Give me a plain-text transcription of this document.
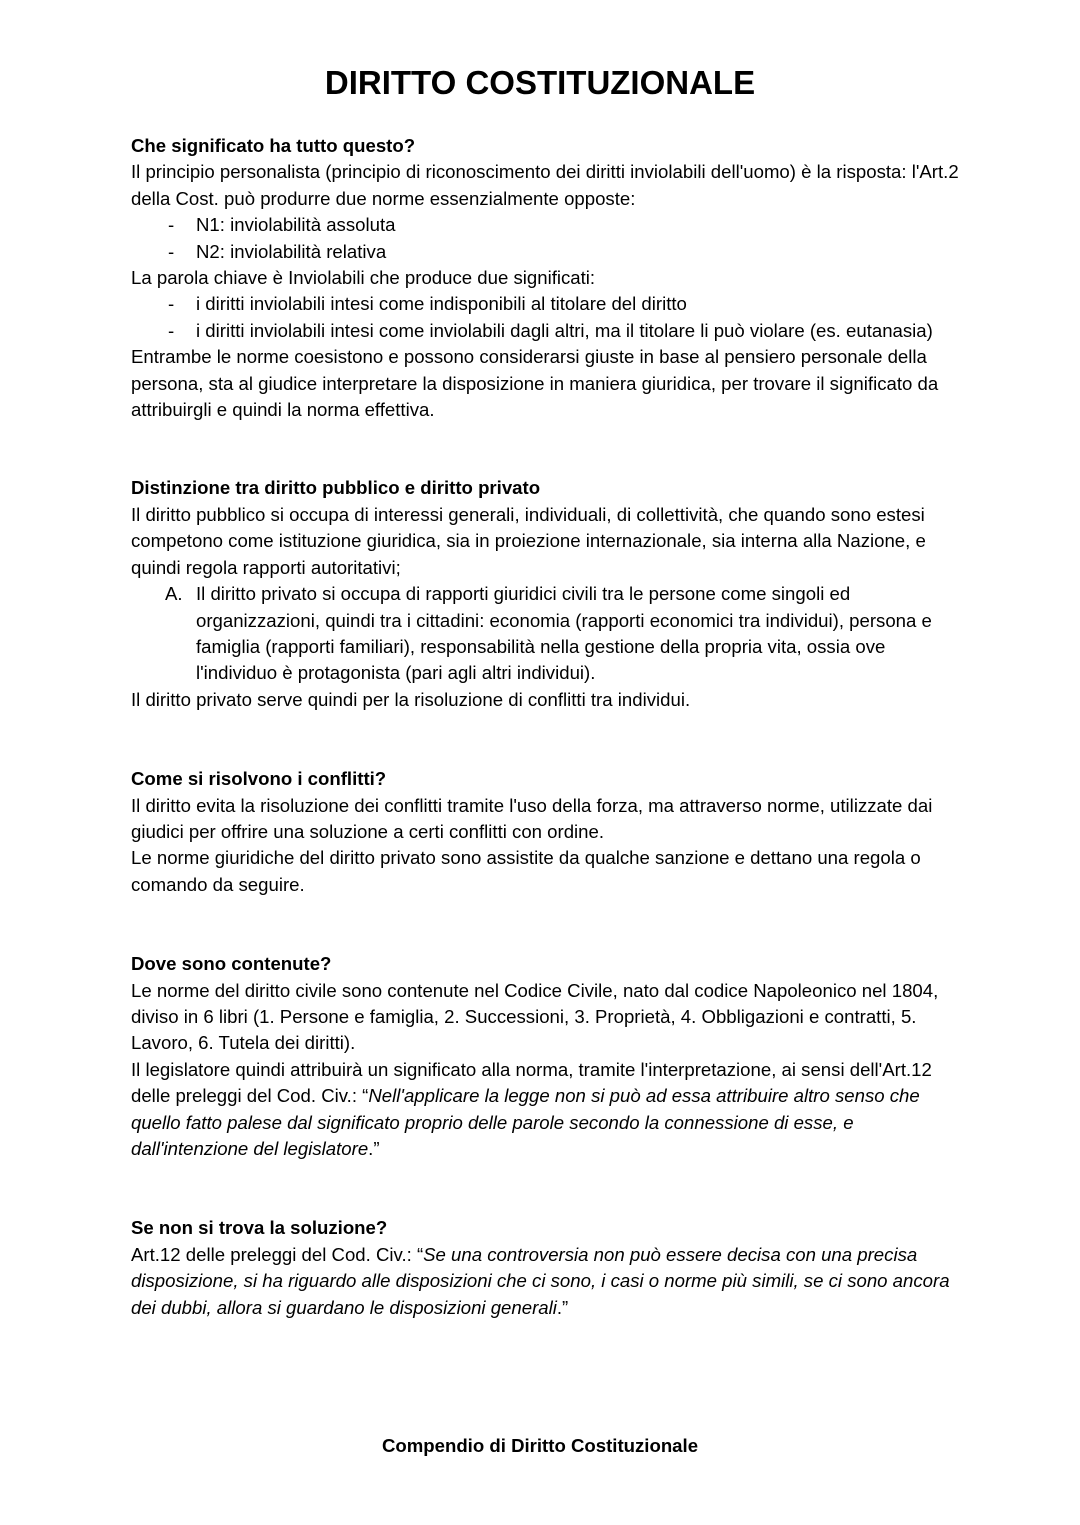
DIRITTO COSTITUZIONALE

Che significato ha tutto questo?

Il principio personalista (principio di riconoscimento dei diritti inviolabili dell'uomo) è la risposta: l'Art.2 della Cost. può produrre due norme essenzialmente opposte:

- N1: inviolabilità assoluta
- N2: inviolabilità relativa

La parola chiave è Inviolabili che produce due significati:

- i diritti inviolabili intesi come indisponibili al titolare del diritto
- i diritti inviolabili intesi come inviolabili dagli altri, ma il titolare li può violare (es. eutanasia)

Entrambe le norme coesistono e possono considerarsi giuste in base al pensiero personale della persona, sta al giudice interpretare la disposizione in maniera giuridica, per trovare il significato da attribuirgli e quindi la norma effettiva.

Distinzione tra diritto pubblico e diritto privato

Il diritto pubblico si occupa di interessi generali, individuali, di collettività, che quando sono estesi competono come istituzione giuridica, sia in proiezione internazionale, sia interna alla Nazione, e quindi regola rapporti autoritativi;

A. Il diritto privato si occupa di rapporti giuridici civili tra le persone come singoli ed organizzazioni, quindi tra i cittadini: economia (rapporti economici tra individui), persona e famiglia (rapporti familiari), responsabilità nella gestione della propria vita, ossia ove l'individuo è protagonista (pari agli altri individui).

Il diritto privato serve quindi per la risoluzione di conflitti tra individui.

Come si risolvono i conflitti?

Il diritto evita la risoluzione dei conflitti tramite l'uso della forza, ma attraverso norme, utilizzate dai giudici per offrire una soluzione a certi conflitti con ordine.

Le norme giuridiche del diritto privato sono assistite da qualche sanzione e dettano una regola o comando da seguire.

Dove sono contenute?

Le norme del diritto civile sono contenute nel Codice Civile, nato dal codice Napoleonico nel 1804, diviso in 6 libri (1. Persone e famiglia, 2. Successioni, 3. Proprietà, 4. Obbligazioni e contratti, 5. Lavoro, 6. Tutela dei diritti).

Il legislatore quindi attribuirà un significato alla norma, tramite l'interpretazione, ai sensi dell'Art.12 delle preleggi del Cod. Civ.: “Nell'applicare la legge non si può ad essa attribuire altro senso che quello fatto palese dal significato proprio delle parole secondo la connessione di esse, e dall'intenzione del legislatore.”

Se non si trova la soluzione?

Art.12 delle preleggi del Cod. Civ.: “Se una controversia non può essere decisa con una precisa disposizione, si ha riguardo alle disposizioni che ci sono, i casi o norme più simili, se ci sono ancora dei dubbi, allora si guardano le disposizioni generali.”

Compendio di Diritto Costituzionale
